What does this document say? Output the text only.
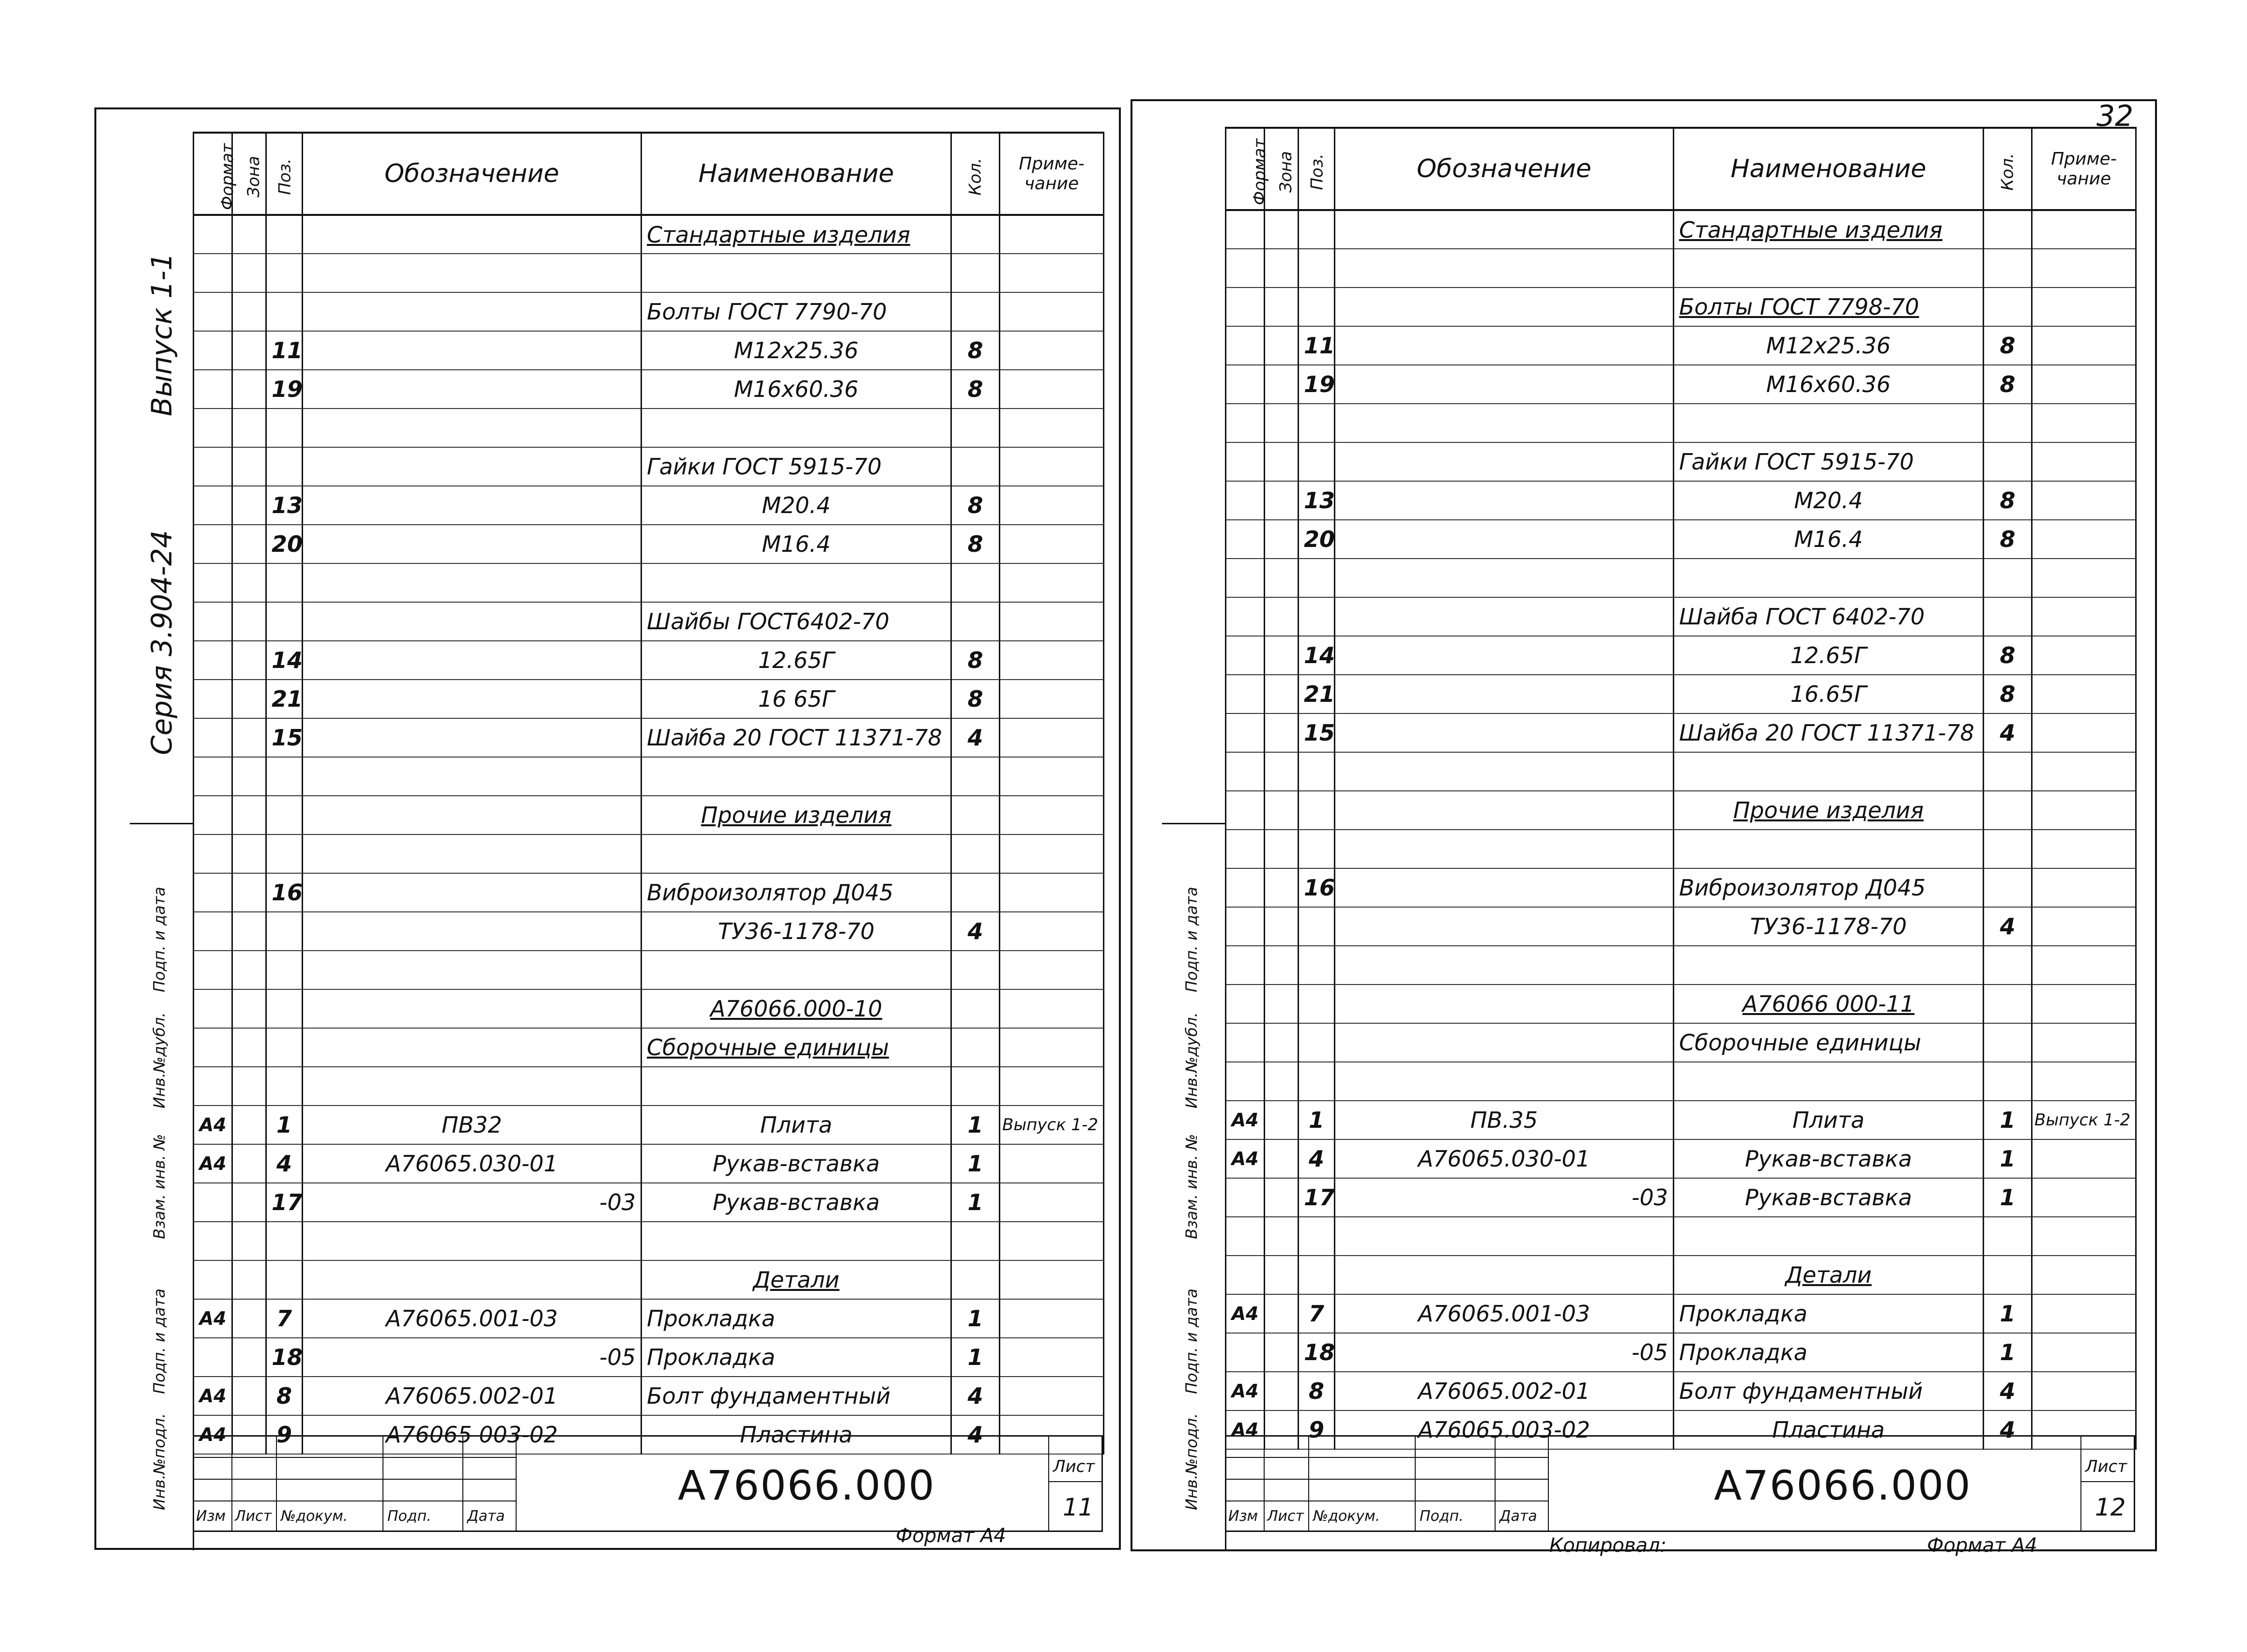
32
Выпуск 1-1
Серия 3.904-24
Подп. и дата
Инв.№дубл.
Взам. инв. №
Подп. и дата
Инв.№подл.
Формат	Зона	Поз.	Обозначение	Наименование	Кол.	Приме-чание
				Стандартные изделия		

				Болты ГОСТ 7790-70		
		11		M12x25.36	8	
		19		M16x60.36	8	

				Гайки ГОСТ 5915-70		
		13		M20.4	8	
		20		M16.4	8	

				Шайбы ГОСТ6402-70		
		14		12.65Г	8	
		21		16 65Г	8	
		15		Шайба 20 ГОСТ 11371-78	4	

				Прочие изделия		

		16		Виброизолятор Д045		
				ТУ36-1178-70	4	

				А76066.000-10		
				Сборочные единицы		

А4		1	ПВ32	Плита	1	Выпуск 1-2
А4		4	А76065.030-01	Рукав-вставка	1	
		17	-03	Рукав-вставка	1	

				Детали		
А4		7	А76065.001-03	Прокладка	1	
		18	-05	Прокладка	1	
А4		8	А76065.002-01	Болт фундаментный	4	
А4		9	А76065 003-02	Пластина	4	
Изм Лист №докум.	Подп. Дата
А76066.000	Лист
11
Формат А4
Подп. и дата
Инв.№дубл.
Взам. инв. №
Подп. и дата
Инв.№подл.
Формат	Зона	Поз.	Обозначение	Наименование	Кол.	Приме-чание
				Стандартные изделия		

				Болты ГОСТ 7798-70		
		11		M12x25.36	8	
		19		M16x60.36	8	

				Гайки ГОСТ 5915-70		
		13		M20.4	8	
		20		M16.4	8	

				Шайба ГОСТ 6402-70		
		14		12.65Г	8	
		21		16.65Г	8	
		15		Шайба 20 ГОСТ 11371-78	4	

				Прочие изделия		

		16		Виброизолятор Д045		
				ТУ36-1178-70	4	

				А76066 000-11		
				Сборочные единицы		

А4		1	ПВ.35	Плита	1	Выпуск 1-2
А4		4	А76065.030-01	Рукав-вставка	1	
		17	-03	Рукав-вставка	1	

				Детали		
А4		7	А76065.001-03	Прокладка	1	
		18	-05	Прокладка	1	
А4		8	А76065.002-01	Болт фундаментный	4	
А4		9	А76065.003-02	Пластина	4	
Изм Лист №докум.	Подп. Дата
А76066.000	Лист
12
Копировал:	Формат А4
